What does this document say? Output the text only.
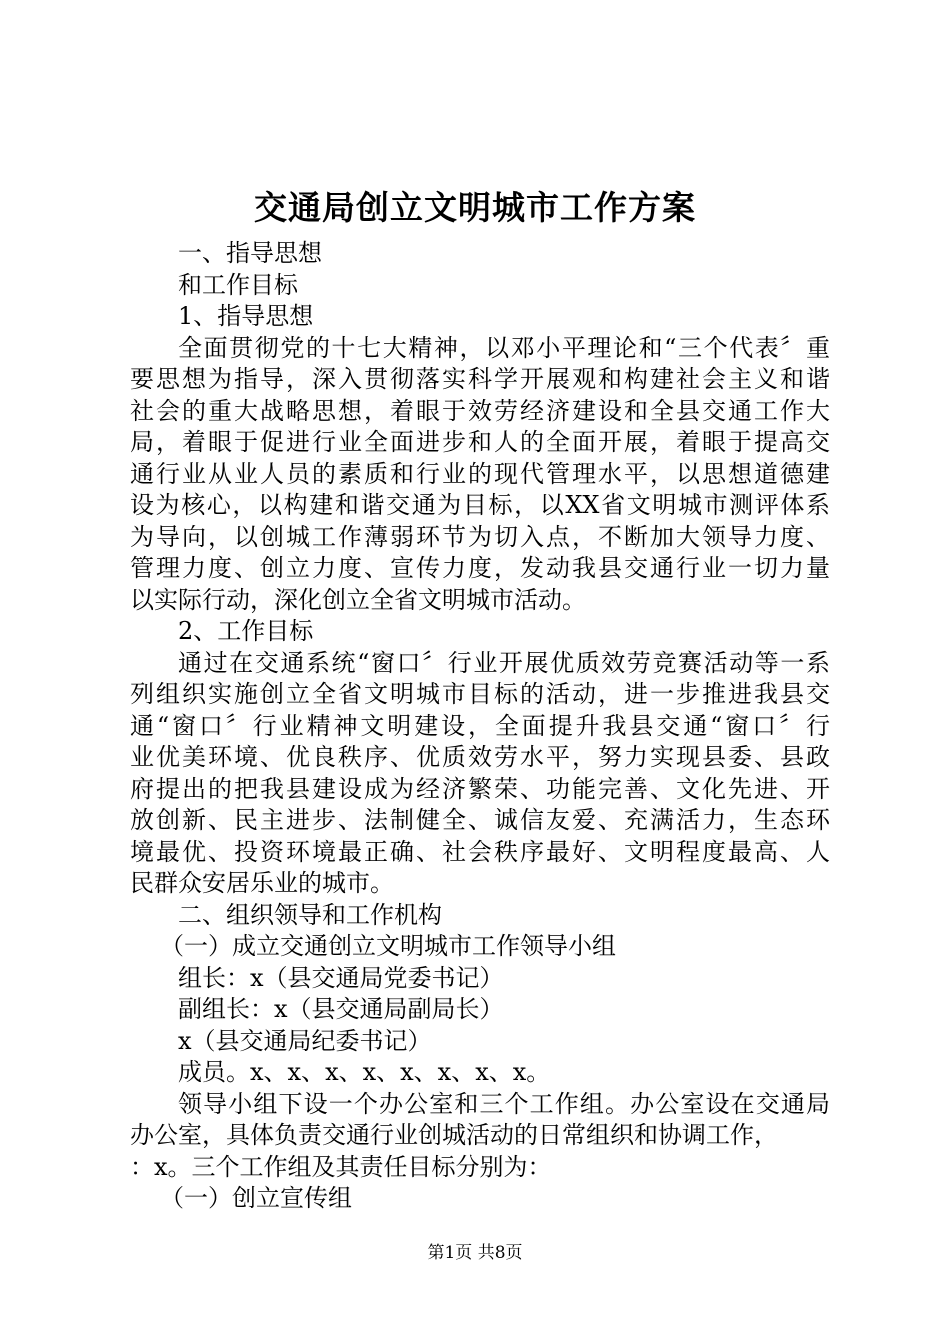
交通局创立文明城市工作方案
一、指导思想
和工作目标
1、指导思想
全面贯彻党的十七大精神，以邓小平理论和“三个代表〞重
要思想为指导，深入贯彻落实科学开展观和构建社会主义和谐
社会的重大战略思想，着眼于效劳经济建设和全县交通工作大
局，着眼于促进行业全面进步和人的全面开展，着眼于提高交
通行业从业人员的素质和行业的现代管理水平，以思想道德建
设为核心，以构建和谐交通为目标，以XX省文明城市测评体系
为导向，以创城工作薄弱环节为切入点，不断加大领导力度、
管理力度、创立力度、宣传力度，发动我县交通行业一切力量
以实际行动，深化创立全省文明城市活动。
2、工作目标
通过在交通系统“窗口〞行业开展优质效劳竞赛活动等一系
列组织实施创立全省文明城市目标的活动，进一步推进我县交
通“窗口〞行业精神文明建设，全面提升我县交通“窗口〞行
业优美环境、优良秩序、优质效劳水平，努力实现县委、县政
府提出的把我县建设成为经济繁荣、功能完善、文化先进、开
放创新、民主进步、法制健全、诚信友爱、充满活力，生态环
境最优、投资环境最正确、社会秩序最好、文明程度最高、人
民群众安居乐业的城市。
二、组织领导和工作机构
（一）成立交通创立文明城市工作领导小组
组长：x（县交通局党委书记）
副组长：x（县交通局副局长）
x（县交通局纪委书记）
成员。x、x、x、x、x、x、x、x。
领导小组下设一个办公室和三个工作组。办公室设在交通局
办公室，具体负责交通行业创城活动的日常组织和协调工作，
：x。三个工作组及其责任目标分别为：
（一）创立宣传组
第1页 共8页
